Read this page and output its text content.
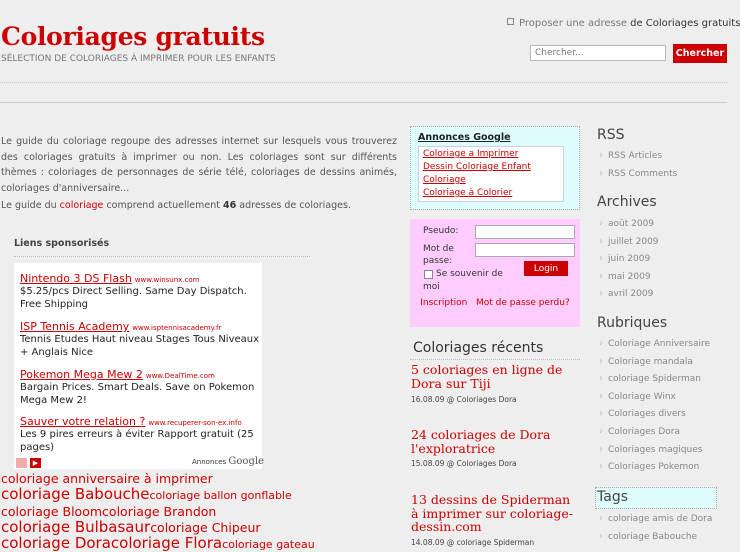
Coloriages gratuits
SÉLECTION DE COLORIAGES À IMPRIMER POUR LES ENFANTS
Proposer une adresse de Coloriages gratuits
Chercher...
Chercher
Le guide du coloriage regoupe des adresses internet sur lesquels vous trouverez des coloriages gratuits à imprimer ou non. Les coloriages sont sur différents thèmes : coloriages de personnages de série télé, coloriages de dessins animés, coloriages d'anniversaire...
Le guide du coloriage comprend actuellement 46 adresses de coloriages.
Liens sponsorisés
Nintendo 3 DS Flash www.winsunx.com
$5.25/pcs Direct Selling. Same Day Dispatch. Free Shipping
ISP Tennis Academy www.isptennisacademy.fr
Tennis Etudes Haut niveau Stages Tous Niveaux + Anglais Nice
Pokemon Mega Mew 2 www.DealTime.com
Bargain Prices. Smart Deals. Save on Pokemon Mega Mew 2!
Sauver votre relation ? www.recuperer-son-ex.info
Les 9 pires erreurs à éviter Rapport gratuit (25 pages)
▶	Annonces Google
coloriage anniversaire à imprimer
coloriage Babouchecoloriage ballon gonflable
coloriage Bloomcoloriage Brandon
coloriage Bulbasaurcoloriage Chipeur
coloriage Doracoloriage Floracoloriage gateau
Annonces Google
Coloriage a Imprimer
Dessin Coloriage Enfant
Coloriage
Coloriage à Colorier
Pseudo:
Mot de passe:
Se souvenir de moi
Login
Inscription Mot de passe perdu?
Coloriages récents
5 coloriages en ligne de Dora sur Tiji
16.08.09 @ Coloriages Dora
24 coloriages de Dora l'exploratrice
15.08.09 @ Coloriages Dora
13 dessins de Spiderman à imprimer sur coloriage-dessin.com
14.08.09 @ coloriage Spiderman
RSS
› RSS Articles
› RSS Comments
Archives
› août 2009
› juillet 2009
› juin 2009
› mai 2009
› avril 2009
Rubriques
› Coloriage Anniversaire
› Coloriage mandala
› coloriage Spiderman
› Coloriage Winx
› Coloriages divers
› Coloriages Dora
› Coloriages magiques
› Coloriages Pokemon
Tags
› coloriage amis de Dora
› coloriage Babouche
